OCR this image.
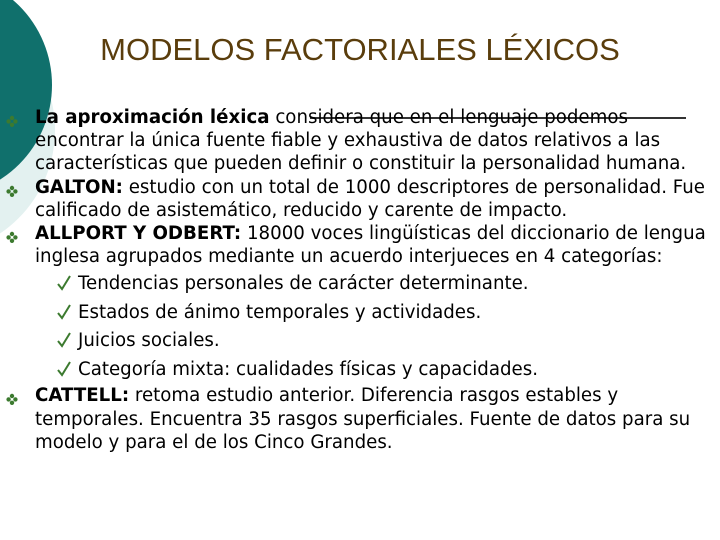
MODELOS FACTORIALES LÉXICOS

La aproximación léxica considera que en el lenguaje podemos encontrar la única fuente fiable y exhaustiva de datos relativos a las características que pueden definir o constituir la personalidad humana.

GALTON: estudio con un total de 1000 descriptores de personalidad. Fue calificado de asistemático, reducido y carente de impacto.

ALLPORT Y ODBERT: 18000 voces lingüísticas del diccionario de lengua inglesa agrupados mediante un acuerdo interjueces en 4 categorías:

Tendencias personales de carácter determinante.

Estados de ánimo temporales y actividades.

Juicios sociales.

Categoría mixta: cualidades físicas y capacidades.

CATTELL: retoma estudio anterior. Diferencia rasgos estables y temporales. Encuentra 35 rasgos superficiales. Fuente de datos para su modelo y para el de los Cinco Grandes.
